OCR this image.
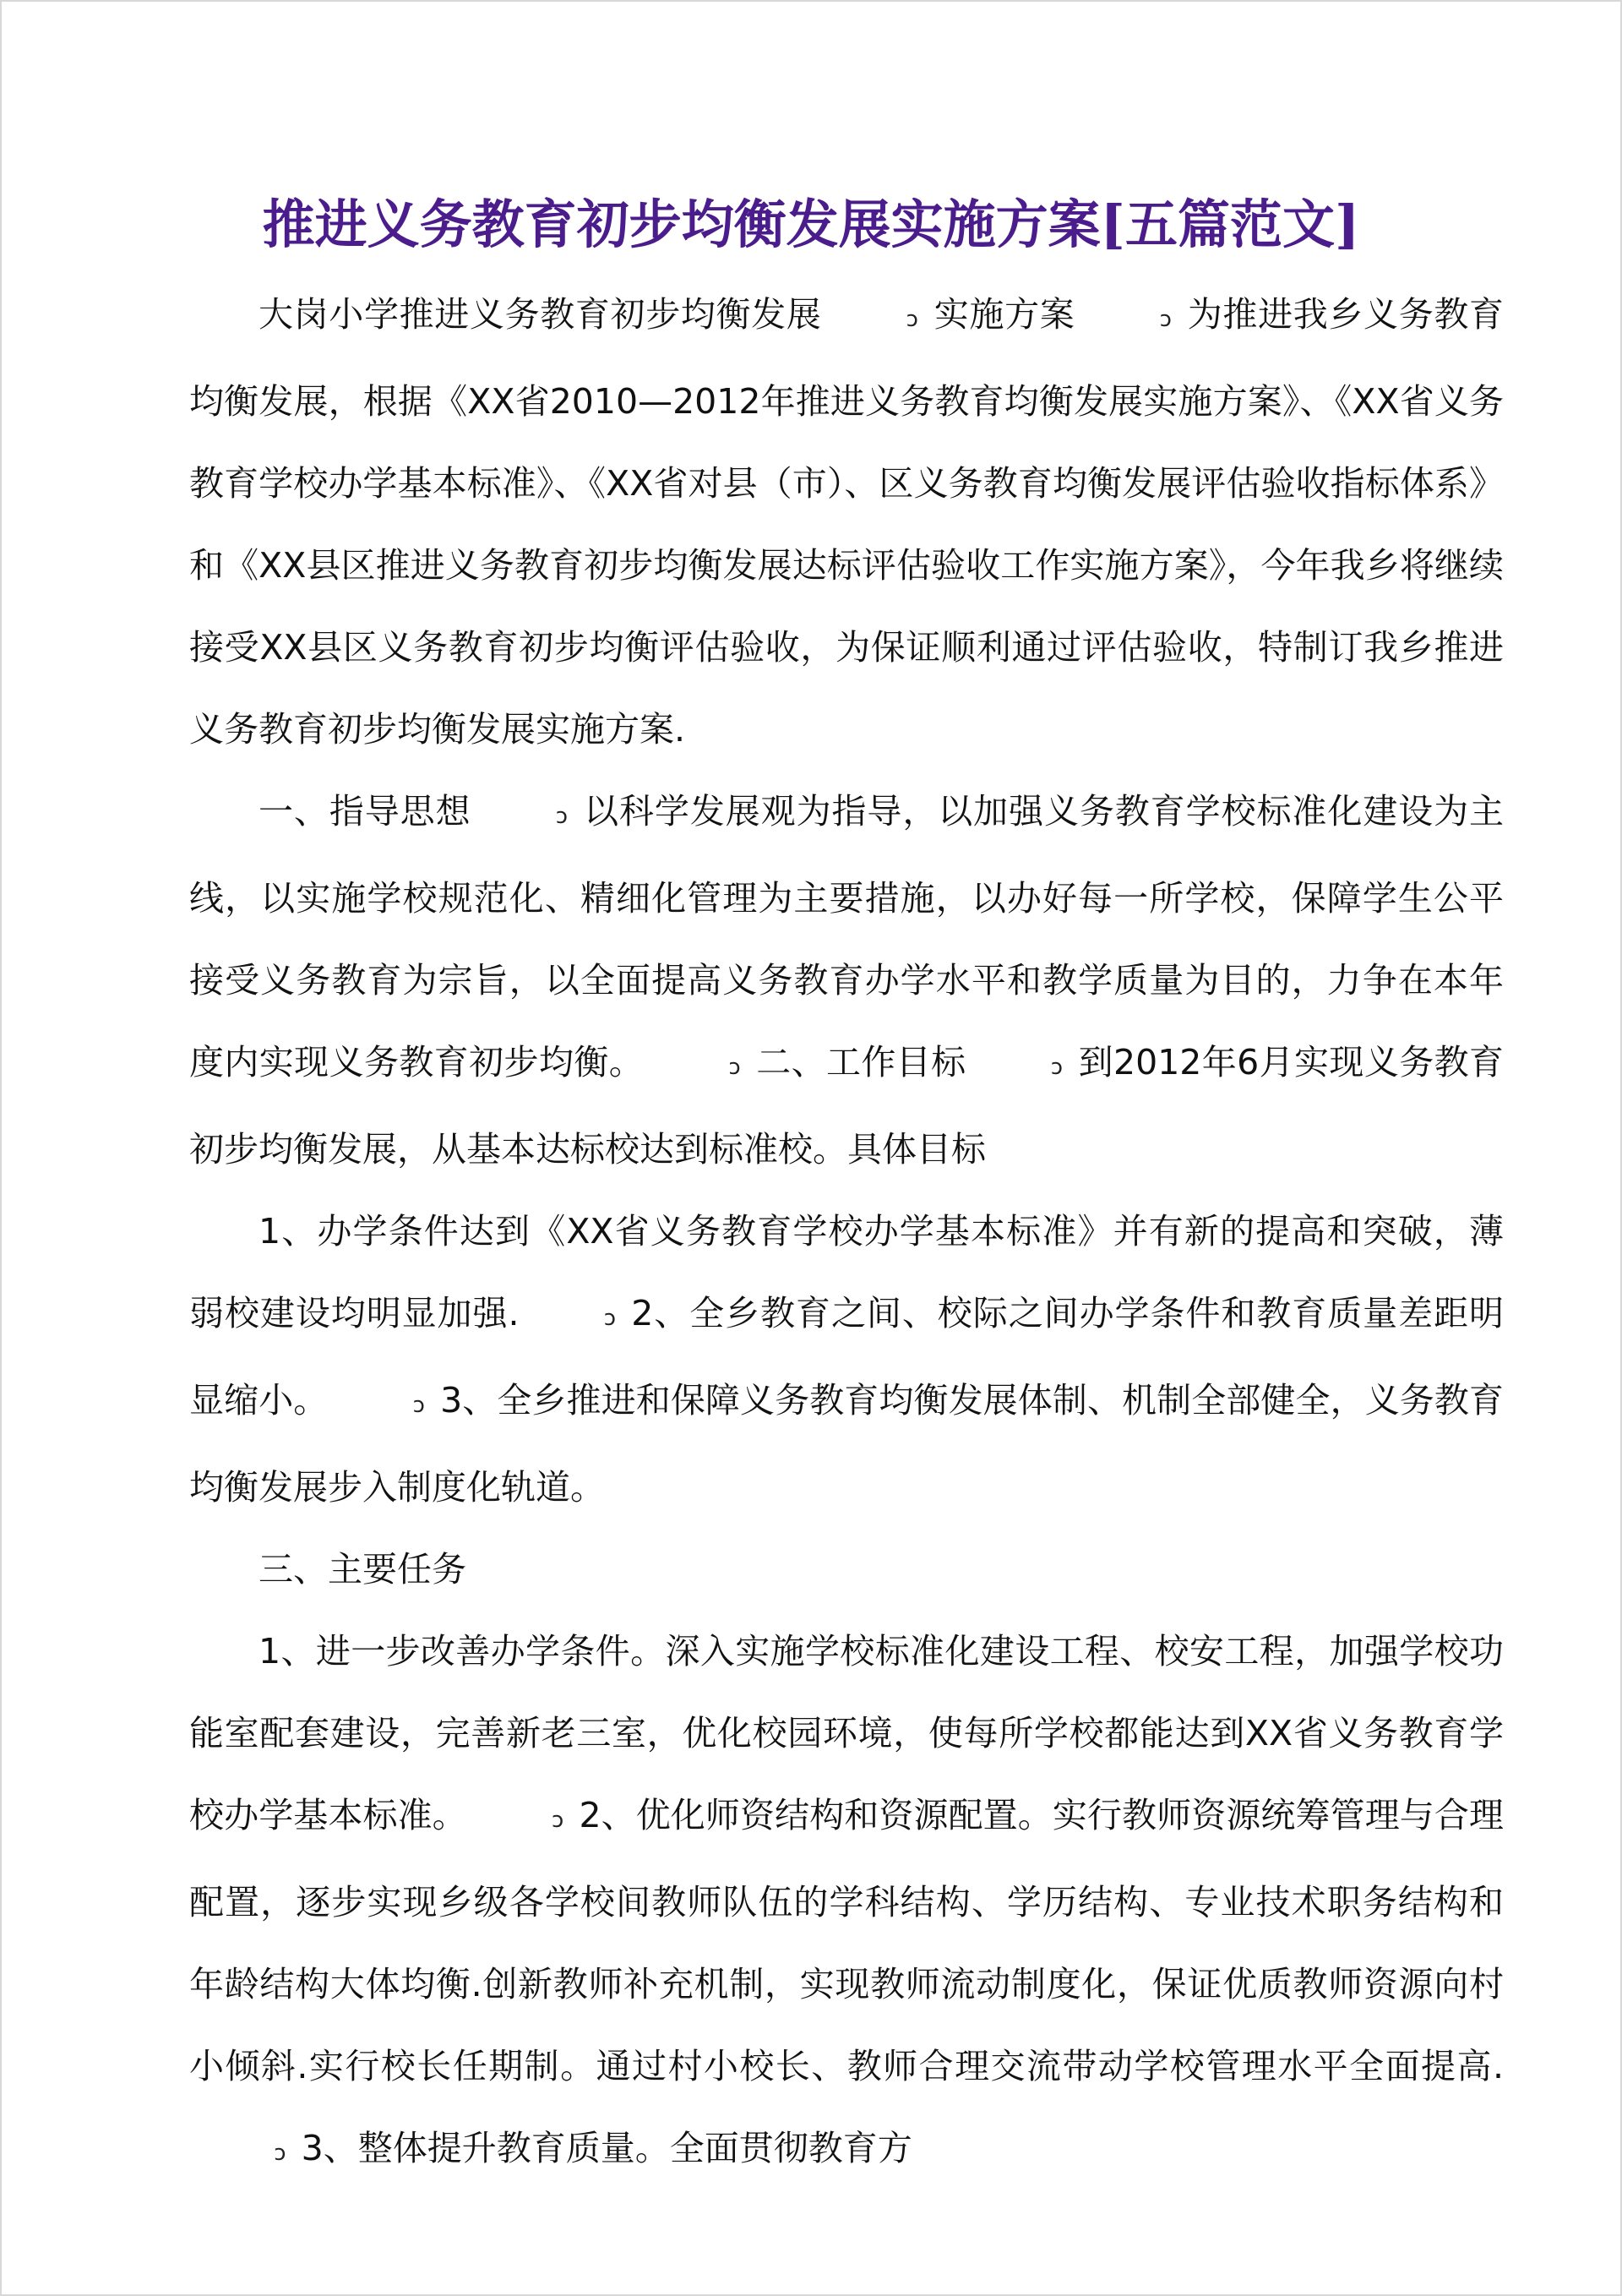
推进义务教育初步均衡发展实施方案[五篇范文]

大岗小学推进义务教育初步均衡发展	ↄ 实施方案	ↄ 为推进我乡义务教育均衡发展，根据《XX省2010—2012年推进义务教育均衡发展实施方案》、《XX省义务教育学校办学基本标准》、《XX省对县（市）、区义务教育均衡发展评估验收指标体系》和《XX县区推进义务教育初步均衡发展达标评估验收工作实施方案》，今年我乡将继续接受XX县区义务教育初步均衡评估验收，为保证顺利通过评估验收，特制订我乡推进义务教育初步均衡发展实施方案.

一、指导思想	ↄ 以科学发展观为指导，以加强义务教育学校标准化建设为主线，以实施学校规范化、精细化管理为主要措施，以办好每一所学校，保障学生公平接受义务教育为宗旨，以全面提高义务教育办学水平和教学质量为目的，力争在本年度内实现义务教育初步均衡。	ↄ 二、工作目标	ↄ 到2012年6月实现义务教育初步均衡发展，从基本达标校达到标准校。具体目标

1、办学条件达到《XX省义务教育学校办学基本标准》并有新的提高和突破，薄弱校建设均明显加强.	ↄ 2、全乡教育之间、校际之间办学条件和教育质量差距明显缩小。	ↄ 3、全乡推进和保障义务教育均衡发展体制、机制全部健全，义务教育均衡发展步入制度化轨道。

三、主要任务

1、进一步改善办学条件。深入实施学校标准化建设工程、校安工程，加强学校功能室配套建设，完善新老三室，优化校园环境，使每所学校都能达到XX省义务教育学校办学基本标准。	ↄ 2、优化师资结构和资源配置。实行教师资源统筹管理与合理配置，逐步实现乡级各学校间教师队伍的学科结构、学历结构、专业技术职务结构和年龄结构大体均衡.创新教师补充机制，实现教师流动制度化，保证优质教师资源向村小倾斜.实行校长任期制。通过村小校长、教师合理交流带动学校管理水平全面提高.ↄ 3、整体提升教育质量。全面贯彻教育方
